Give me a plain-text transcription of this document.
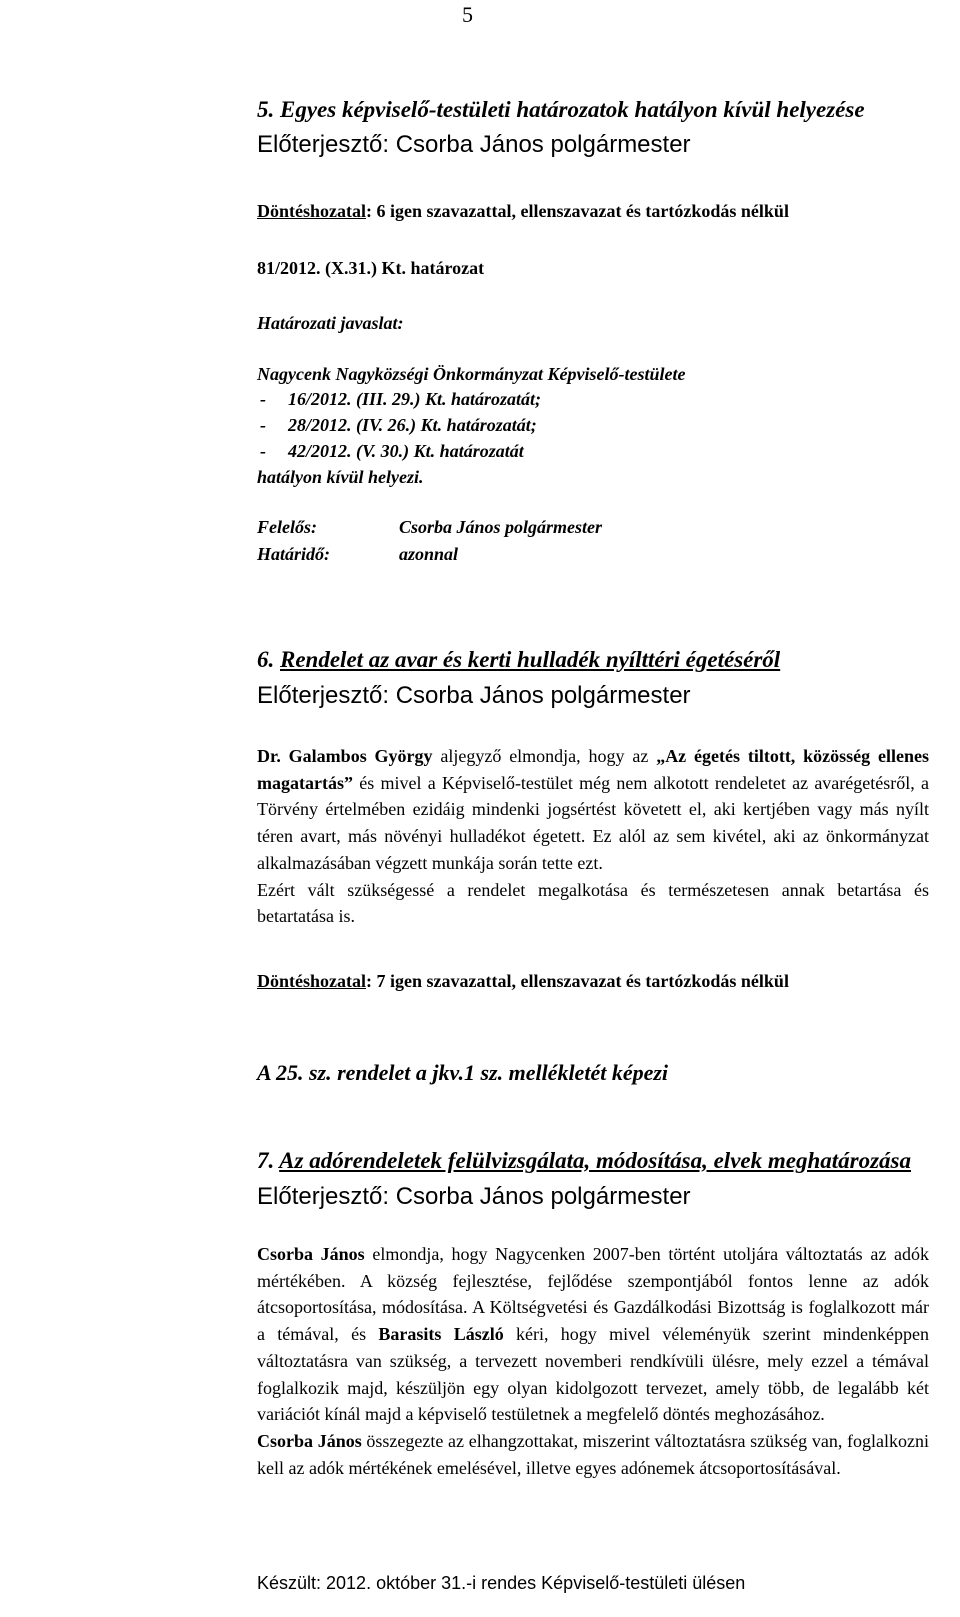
5
5. Egyes képviselő-testületi határozatok hatályon kívül helyezése
Előterjesztő: Csorba János polgármester
Döntéshozatal: 6 igen szavazattal, ellenszavazat és tartózkodás nélkül
81/2012. (X.31.) Kt. határozat
Határozati javaslat:
Nagycenk Nagyközségi Önkormányzat Képviselő-testülete
- 16/2012. (III. 29.) Kt. határozatát;
- 28/2012. (IV. 26.) Kt. határozatát;
- 42/2012. (V. 30.) Kt. határozatát
hatályon kívül helyezi.
Felelős:	Csorba János polgármester
Határidő:	azonnal
6. Rendelet az avar és kerti hulladék nyílttéri égetéséről
Előterjesztő: Csorba János polgármester

Dr. Galambos György aljegyző elmondja, hogy az „Az égetés tiltott, közösség ellenes magatartás” és mivel a Képviselő-testület még nem alkotott rendeletet az avarégetésről, a Törvény értelmében ezidáig mindenki jogsértést követett el, aki kertjében vagy más nyílt téren avart, más növényi hulladékot égetett. Ez alól az sem kivétel, aki az önkormányzat alkalmazásában végzett munkája során tette ezt.

Ezért vált szükségessé a rendelet megalkotása és természetesen annak betartása és betartatása is.

Döntéshozatal: 7 igen szavazattal, ellenszavazat és tartózkodás nélkül
A 25. sz. rendelet a jkv.1 sz. mellékletét képezi
7. Az adórendeletek felülvizsgálata, módosítása, elvek meghatározása
Előterjesztő: Csorba János polgármester

Csorba János elmondja, hogy Nagycenken 2007-ben történt utoljára változtatás az adók mértékében. A község fejlesztése, fejlődése szempontjából fontos lenne az adók átcsoportosítása, módosítása. A Költségvetési és Gazdálkodási Bizottság is foglalkozott már a témával, és Barasits László kéri, hogy mivel véleményük szerint mindenképpen változtatásra van szükség, a tervezett novemberi rendkívüli ülésre, mely ezzel a témával foglalkozik majd, készüljön egy olyan kidolgozott tervezet, amely több, de legalább két variációt kínál majd a képviselő testületnek a megfelelő döntés meghozásához.

Csorba János összegezte az elhangzottakat, miszerint változtatásra szükség van, foglalkozni kell az adók mértékének emelésével, illetve egyes adónemek átcsoportosításával.

Készült: 2012. október 31.-i rendes Képviselő-testületi ülésen
